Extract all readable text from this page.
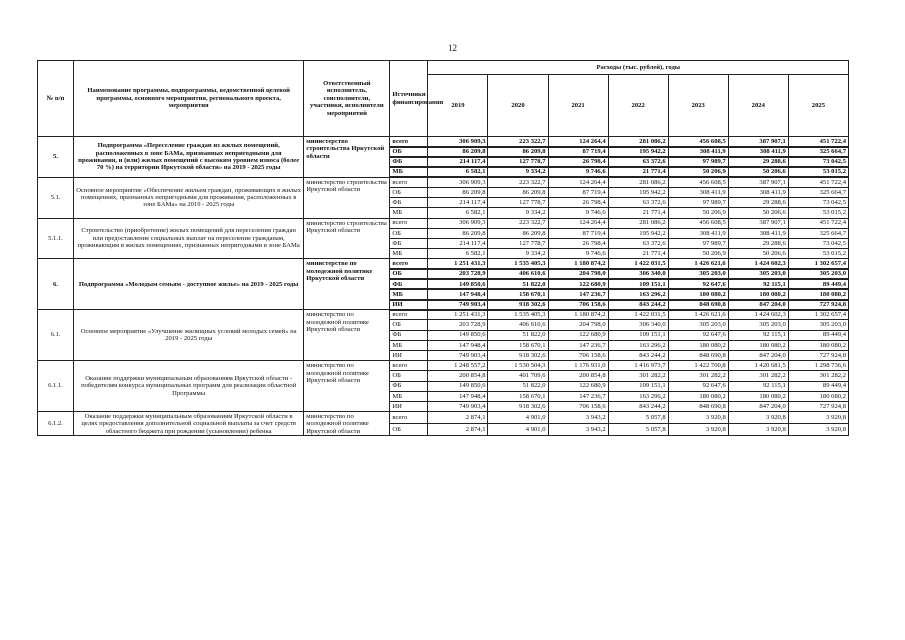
12
№ п/п	Наименование программы, подпрограммы, ведомственной целевой программы, основного мероприятия, регионального проекта, мероприятия	Ответственный исполнитель, соисполнители, участники, исполнители мероприятий	Источники финансирования	Расходы (тыс. рублей), годы						
				2019	2020	2021	2022	2023	2024	2025
5.	Подпрограмма «Переселение граждан из жилых помещений, расположенных в зоне БАМа, признанных непригодными для проживания, и (или) жилых помещений с высоким уровнем износа (более 70 %) на территории Иркутской области» на 2019 - 2025 годы	министерство строительства Иркутской области	всего	306 909,3	223 322,7	124 264,4	281 086,2	456 608,5	387 907,1	451 722,4
			ОБ	86 209,8	86 209,8	87 719,4	195 942,2	308 411,9	308 411,9	325 664,7
			ФБ	214 117,4	127 778,7	26 798,4	63 372,6	97 989,7	29 288,6	73 042,5
			МБ	6 582,1	9 334,2	9 746,6	21 771,4	50 206,9	50 206,6	53 015,2
5.1.	Основное мероприятие «Обеспечение жильем граждан, проживающих в жилых помещениях, признанных непригодными для проживания, расположенных в зоне БАМа» на 2019 - 2025 годы	министерство строительства Иркутской области	всего	306 909,3	223 322,7	124 264,4	281 086,2	456 608,5	387 907,1	451 722,4
			ОБ	86 209,8	86 209,8	87 719,4	195 942,2	308 411,9	308 411,9	325 664,7
			ФБ	214 117,4	127 778,7	26 798,4	63 372,6	97 989,7	29 288,6	73 042,5
			МБ	6 582,1	9 334,2	9 746,6	21 771,4	50 206,9	50 206,6	53 015,2
5.1.1.	Строительство (приобретение) жилых помещений для переселения граждан или предоставление социальных выплат на переселение гражданам, проживающим в жилых помещениях, признанных непригодными в зоне БАМа	министерство строительства Иркутской области	всего	306 909,3	223 322,7	124 264,4	281 086,2	456 608,5	387 907,1	451 722,4
			ОБ	86 209,8	86 209,8	87 719,4	195 942,2	308 411,9	308 411,9	325 664,7
			ФБ	214 117,4	127 778,7	26 798,4	63 372,6	97 989,7	29 288,6	73 042,5
			МБ	6 582,1	9 334,2	9 746,6	21 771,4	50 206,9	50 206,6	53 015,2
6.	Подпрограмма «Молодым семьям - доступное жилье» на 2019 - 2025 годы	министерство по молодежной политике Иркутской области	всего	1 251 431,3	1 535 405,3	1 180 874,2	1 422 031,5	1 426 621,6	1 424 602,3	1 302 657,4
			ОБ	203 728,9	406 610,6	204 798,0	306 340,0	305 203,0	305 203,0	305 203,0
			ФБ	149 850,6	51 822,0	122 680,9	109 151,1	92 647,6	92 115,1	89 449,4
			МБ	147 948,4	158 670,1	147 236,7	163 296,2	180 080,2	180 080,2	180 080,2
			ИИ	749 903,4	918 302,6	706 158,6	843 244,2	848 690,8	847 204,0	727 924,8
6.1.	Основное мероприятие «Улучшение жилищных условий молодых семей» на 2019 - 2025 годы	министерство по молодежной политике Иркутской области	всего	1 251 431,3	1 535 405,3	1 180 874,2	1 422 031,5	1 426 621,6	1 424 602,3	1 302 657,4
			ОБ	203 728,9	406 610,6	204 798,0	306 340,0	305 203,0	305 203,0	305 203,0
			ФБ	149 850,6	51 822,0	122 680,9	109 151,1	92 647,6	92 115,1	89 449,4
			МБ	147 948,4	158 670,1	147 236,7	163 296,2	180 080,2	180 080,2	180 080,2
			ИИ	749 903,4	918 302,6	706 158,6	843 244,2	848 690,8	847 204,0	727 924,8
6.1.1.	Оказание поддержки муниципальным образованиям Иркутской области - победителям конкурса муниципальных программ для реализации областной Программы	министерство по молодежной политике Иркутской области	всего	1 248 557,2	1 530 504,3	1 176 931,0	1 416 973,7	1 422 700,8	1 420 681,5	1 298 736,6
			ОБ	200 854,8	401 709,6	200 854,8	301 282,2	301 282,2	301 282,2	301 282,2
			ФБ	149 850,6	51 822,0	122 680,9	109 151,1	92 647,6	92 115,1	89 449,4
			МБ	147 948,4	158 670,1	147 236,7	163 296,2	180 080,2	180 080,2	180 080,2
			ИИ	749 903,4	918 302,6	706 158,6	843 244,2	848 690,8	847 204,0	727 924,8
6.1.2.	Оказание поддержки муниципальным образованиям Иркутской области в целях предоставления дополнительной социальной выплаты за счет средств областного бюджета при рождении (усыновлении) ребенка	министерство по молодежной политике Иркутской области	всего	2 874,1	4 901,0	3 943,2	5 057,8	3 920,8	3 920,8	3 920,8
			ОБ	2 874,1	4 901,0	3 943,2	5 057,8	3 920,8	3 920,8	3 920,8
